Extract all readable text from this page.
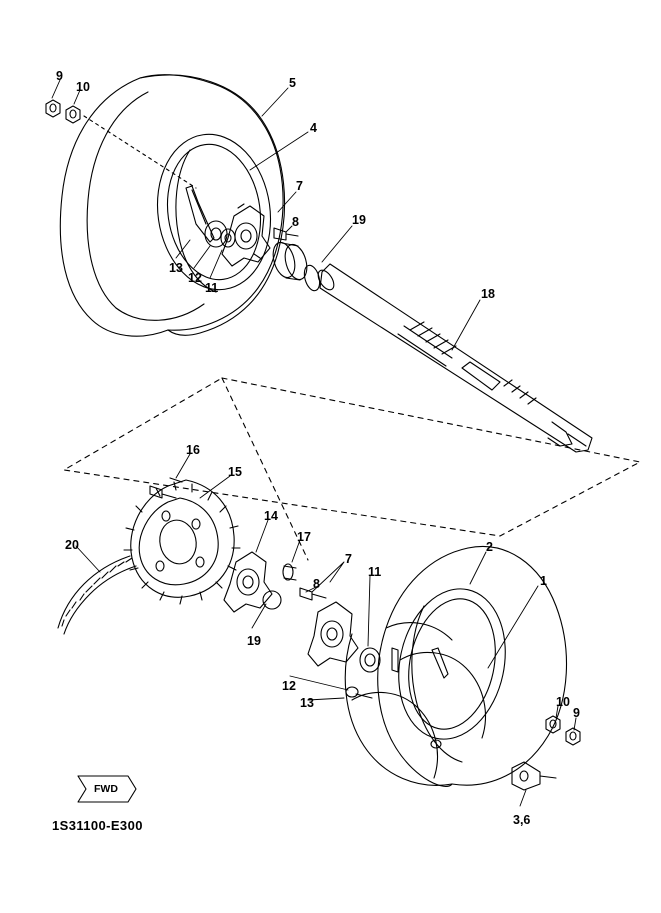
FWD
1S31100-E300
9
10	5
4
7
8	19
18
13
12
11
16
15
14
17
20
7
8
11
2
1
19
12
13	10
9
3,6
